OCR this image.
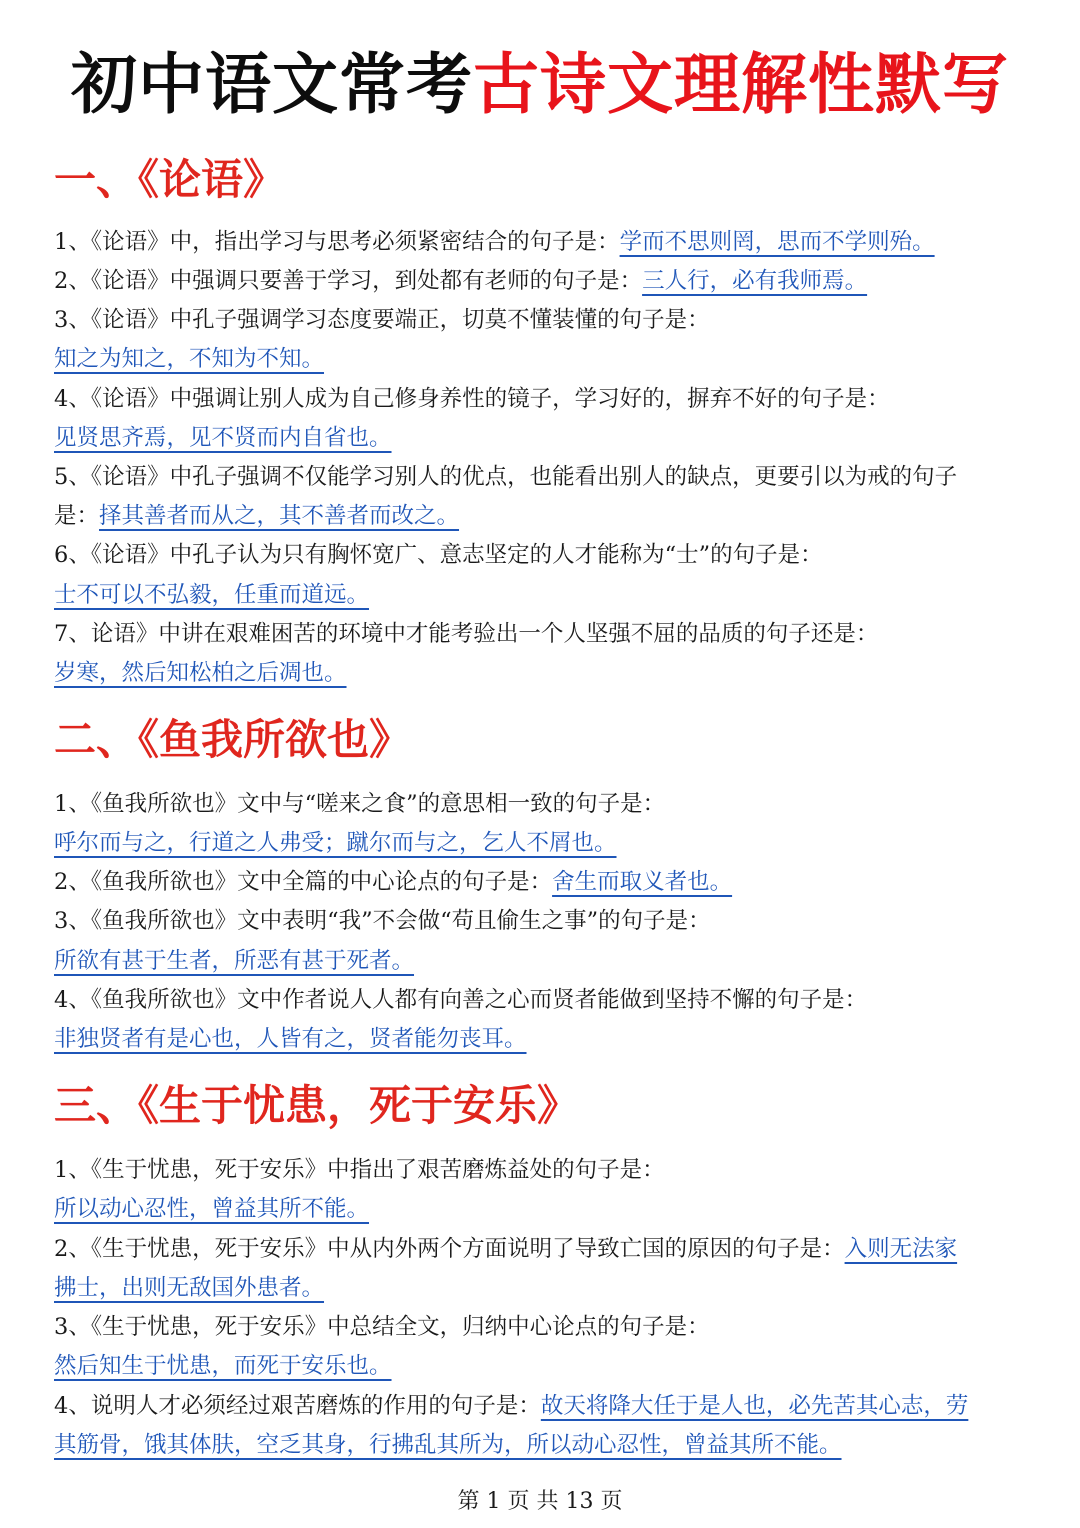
初中语文常考古诗文理解性默写
一、《论语》
1、《论语》中，指出学习与思考必须紧密结合的句子是：学而不思则罔，思而不学则殆。
2、《论语》中强调只要善于学习，到处都有老师的句子是：三人行，必有我师焉。
3、《论语》中孔子强调学习态度要端正，切莫不懂装懂的句子是：
知之为知之，不知为不知。
4、《论语》中强调让别人成为自己修身养性的镜子，学习好的，摒弃不好的句子是：
见贤思齐焉，见不贤而内自省也。
5、《论语》中孔子强调不仅能学习别人的优点，也能看出别人的缺点，更要引以为戒的句子
是：择其善者而从之，其不善者而改之。
6、《论语》中孔子认为只有胸怀宽广、意志坚定的人才能称为“士”的句子是：
士不可以不弘毅，任重而道远。
7、论语》中讲在艰难困苦的环境中才能考验出一个人坚强不屈的品质的句子还是：
岁寒，然后知松柏之后凋也。
二、《鱼我所欲也》
1、《鱼我所欲也》文中与“嗟来之食”的意思相一致的句子是：
呼尔而与之，行道之人弗受；蹴尔而与之，乞人不屑也。
2、《鱼我所欲也》文中全篇的中心论点的句子是：舍生而取义者也。
3、《鱼我所欲也》文中表明“我”不会做“苟且偷生之事”的句子是：
所欲有甚于生者，所恶有甚于死者。
4、《鱼我所欲也》文中作者说人人都有向善之心而贤者能做到坚持不懈的句子是：
非独贤者有是心也，人皆有之，贤者能勿丧耳。
三、《生于忧患，死于安乐》
1、《生于忧患，死于安乐》中指出了艰苦磨炼益处的句子是：
所以动心忍性，曾益其所不能。
2、《生于忧患，死于安乐》中从内外两个方面说明了导致亡国的原因的句子是：入则无法家
拂士，出则无敌国外患者。
3、《生于忧患，死于安乐》中总结全文，归纳中心论点的句子是：
然后知生于忧患，而死于安乐也。
4、说明人才必须经过艰苦磨炼的作用的句子是：故天将降大任于是人也，必先苦其心志，劳
其筋骨，饿其体肤，空乏其身，行拂乱其所为，所以动心忍性，曾益其所不能。
第 1 页 共 13 页
